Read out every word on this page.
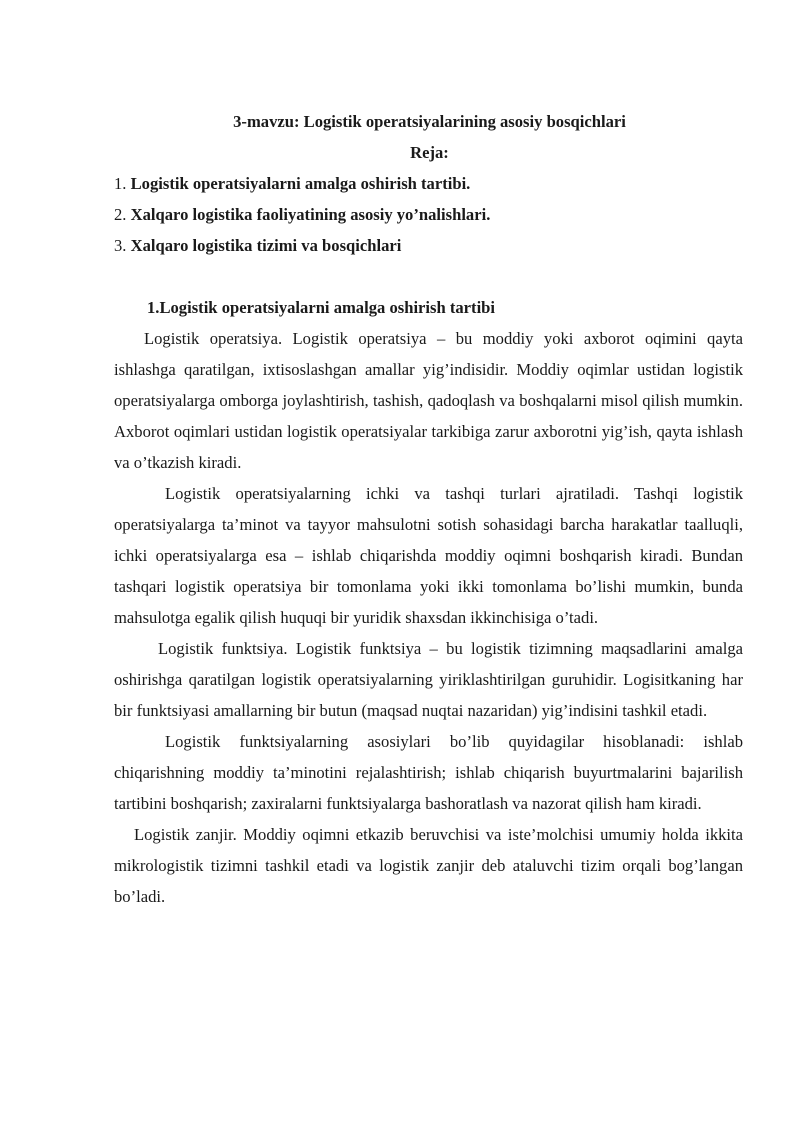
3-mavzu: Logistik operatsiyalarining asosiy bosqichlari
Reja:
1. Logistik operatsiyalarni amalga oshirish tartibi.
2. Xalqaro logistika faoliyatining asosiy yo’nalishlari.
3. Xalqaro logistika tizimi va bosqichlari
1.Logistik operatsiyalarni amalga oshirish tartibi

Logistik operatsiya. Logistik operatsiya – bu moddiy yoki axborot oqimini qayta ishlashga qaratilgan, ixtisoslashgan amallar yig’indisidir. Moddiy oqimlar ustidan logistik operatsiyalarga omborga joylashtirish, tashish, qadoqlash va boshqalarni misol qilish mumkin. Axborot oqimlari ustidan logistik operatsiyalar tarkibiga zarur axborotni yig’ish, qayta ishlash va o’tkazish kiradi.

Logistik operatsiyalarning ichki va tashqi turlari ajratiladi. Tashqi logistik operatsiyalarga ta’minot va tayyor mahsulotni sotish sohasidagi barcha harakatlar taalluqli, ichki operatsiyalarga esa – ishlab chiqarishda moddiy oqimni boshqarish kiradi. Bundan tashqari logistik operatsiya bir tomonlama yoki ikki tomonlama bo’lishi mumkin, bunda mahsulotga egalik qilish huquqi bir yuridik shaxsdan ikkinchisiga o’tadi.

Logistik funktsiya. Logistik funktsiya – bu logistik tizimning maqsadlarini amalga oshirishga qaratilgan logistik operatsiyalarning yiriklashtirilgan guruhidir. Logisitkaning har bir funktsiyasi amallarning bir butun (maqsad nuqtai nazaridan) yig’indisini tashkil etadi.

Logistik funktsiyalarning asosiylari bo’lib quyidagilar hisoblanadi: ishlab chiqarishning moddiy ta’minotini rejalashtirish; ishlab chiqarish buyurtmalarini bajarilish tartibini boshqarish; zaxiralarni funktsiyalarga bashoratlash va nazorat qilish ham kiradi.

Logistik zanjir. Moddiy oqimni etkazib beruvchisi va iste’molchisi umumiy holda ikkita mikrologistik tizimni tashkil etadi va logistik zanjir deb ataluvchi tizim orqali bog’langan bo’ladi.
